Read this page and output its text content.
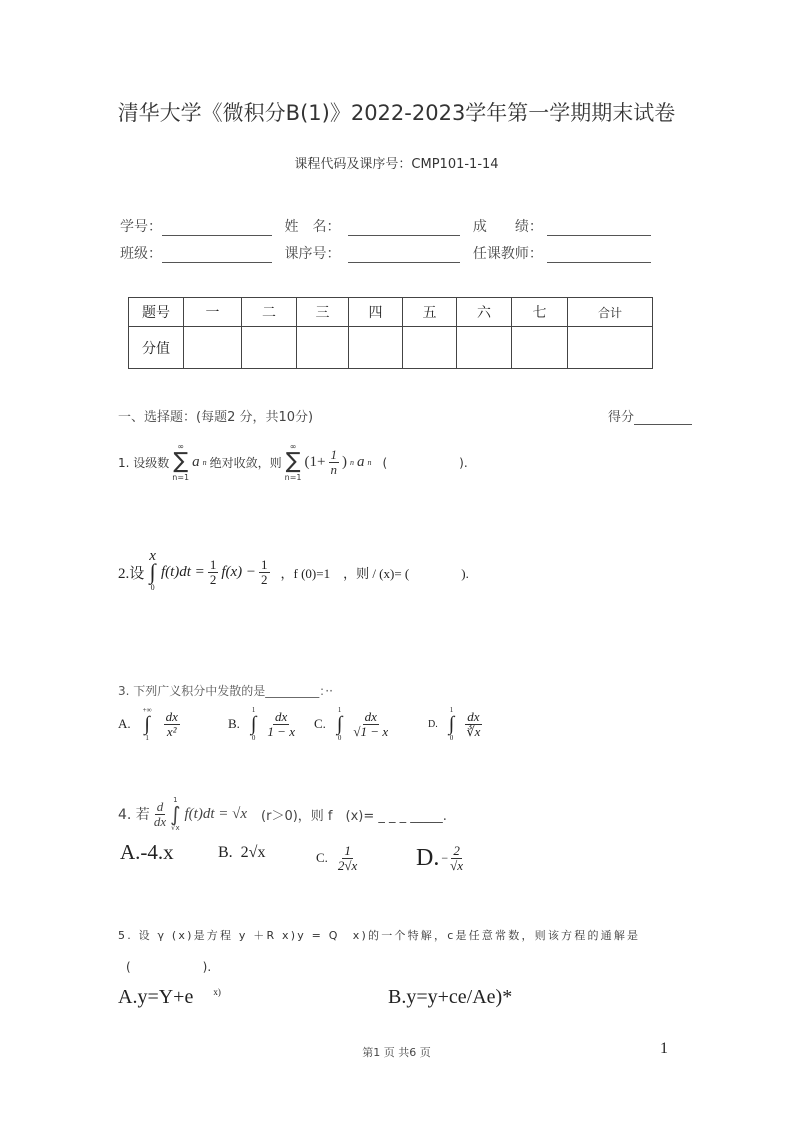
清华大学《微积分B(1)》2022-2023学年第一学期期末试卷
课程代码及课序号：CMP101-1-14
学号：	姓　名：	成　　绩：
班级：	课序号：	任课教师：
题号	一	二	三	四	五	六	七	合计
分值								
一、选择题：(每题2 分，共10分)	得分
1. 设级数
∞
∑
n=1
a n 绝对收敛，则
∞
∑
n=1
($1+ \frac{1}{n}$ ) n a n (　　　　　　).
2.设
x
∫
0
$f(t)dt = \frac{1}{2} f(x) - \frac{1}{2}$ ，f (0)=1　，则 / (x)= (　　　　).
3. 下列广义积分中发散的是_________：··
A.
+∞
∫
$1 \frac{dx}{\text{x²}}$	B.
1
∫
$0 \frac{dx}{1 - x} C$.
1
∫
$0 \frac{dx}{√1 - x}$	D.
1
∫
$0 \frac{dx}{∛x}$
4. 若 $\frac{d}{dx} 1$
∫
√x
f(t)dt = √x (r＞0)，则 f　(x)= _ _ _ _____.
A.-4.x	B. 2√x	C. $\frac{1}{2√x} D$. − $\frac{2}{√x}$
5. 设 γ (x)是方程 y ＋R x)y = Q　x)的一个特解，c是任意常数，则该方程的通解是
(　　　　　　).
A.y=Y+e $^{x)}$	B.y=y+ce/Ae)*
第1 页 共6 页	1
